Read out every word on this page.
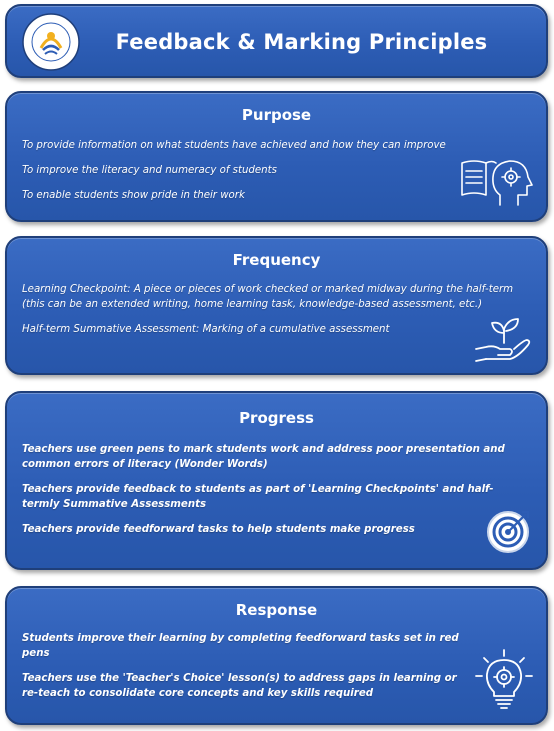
Feedback & Marking Principles
Purpose
To provide information on what students have achieved and how they can improve
To improve the literacy and numeracy of students
To enable students show pride in their work
Frequency
Learning Checkpoint: A piece or pieces of work checked or marked midway during the half-term (this can be an extended writing, home learning task, knowledge-based assessment, etc.)
Half-term Summative Assessment: Marking of a cumulative assessment
Progress
Teachers use green pens to mark students work and address poor presentation and common errors of literacy (Wonder Words)
Teachers provide feedback to students as part of 'Learning Checkpoints' and half-termly Summative Assessments
Teachers provide feedforward tasks to help students make progress
Response
Students improve their learning by completing feedforward tasks set in red pens
Teachers use the 'Teacher's Choice' lesson(s) to address gaps in learning or re-teach to consolidate core concepts and key skills required
